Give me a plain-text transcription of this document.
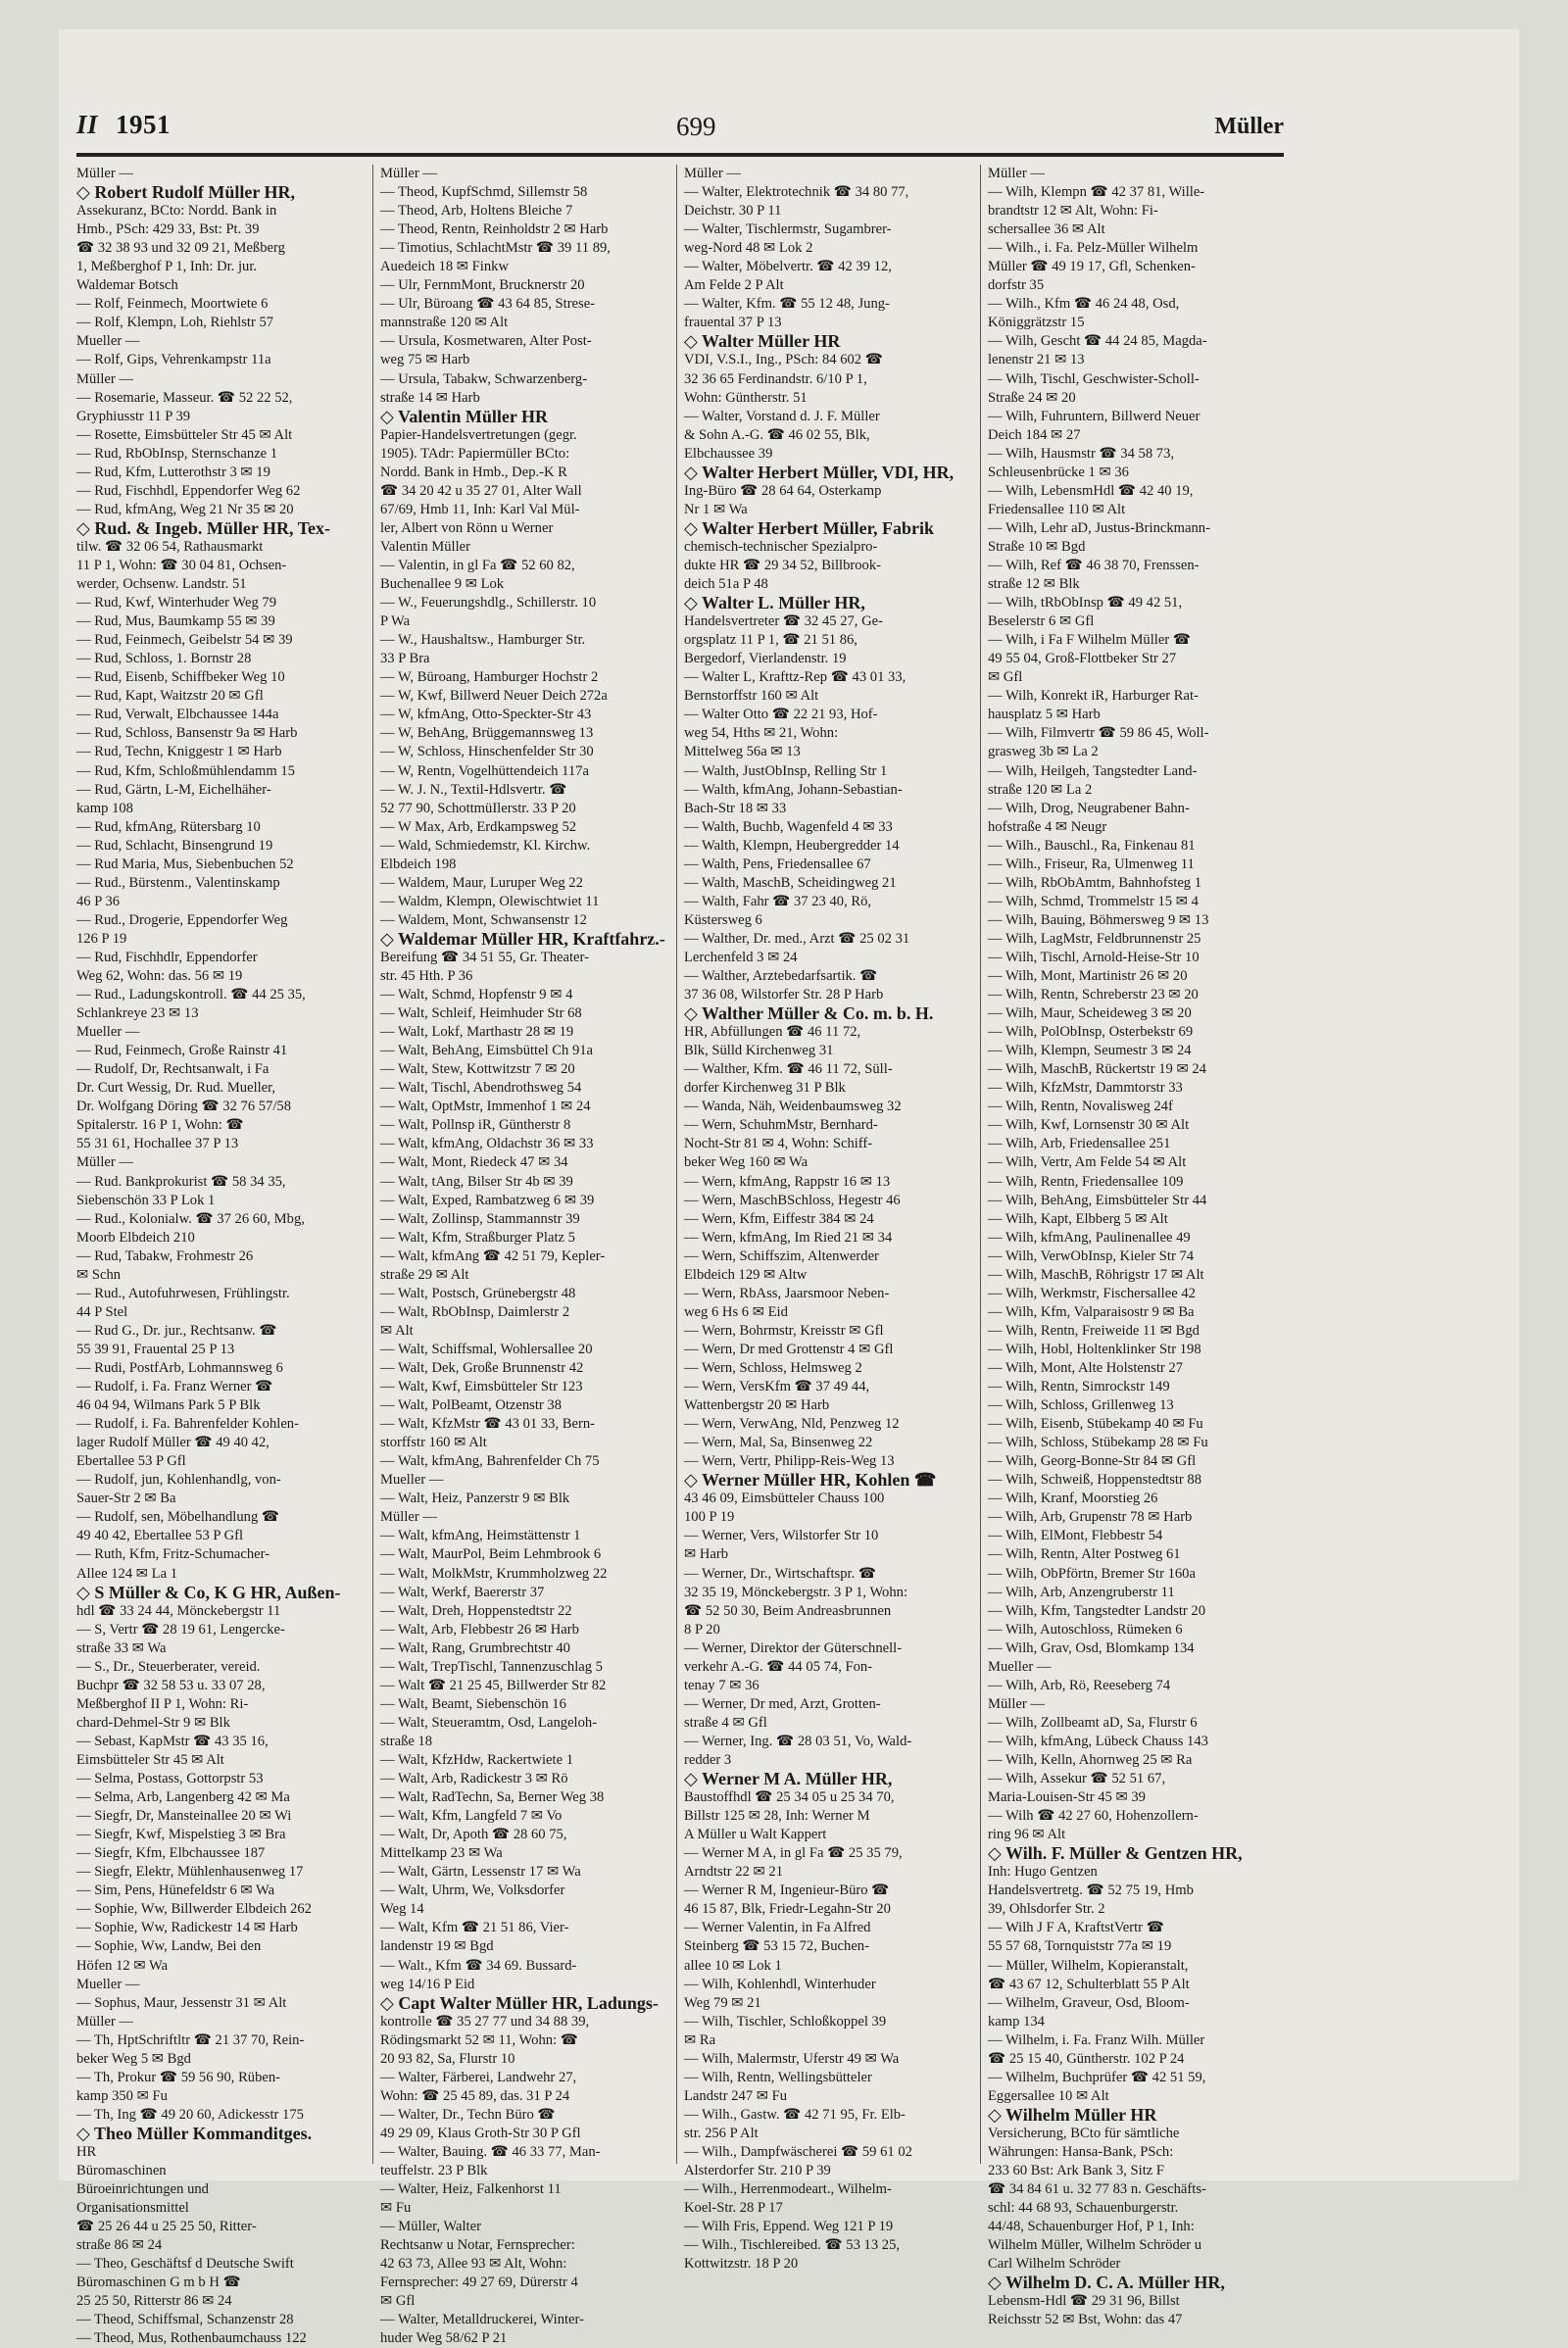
II 1951	699	Müller
Müller —
◇ Robert Rudolf Müller HR,
Assekuranz, BCto: Nordd. Bank in
Hmb., PSch: 429 33, Bst: Pt. 39
☎ 32 38 93 und 32 09 21, Meßberg
1, Meßberghof P 1, Inh: Dr. jur.
Waldemar Botsch
— Rolf, Feinmech, Moortwiete 6
— Rolf, Klempn, Loh, Riehlstr 57
Mueller —
— Rolf, Gips, Vehrenkampstr 11a
Müller —
— Rosemarie, Masseur. ☎ 52 22 52,
Gryphiusstr 11 P 39
— Rosette, Eimsbütteler Str 45 ✉ Alt
— Rud, RbObInsp, Sternschanze 1
— Rud, Kfm, Lutterothstr 3 ✉ 19
— Rud, Fischhdl, Eppendorfer Weg 62
— Rud, kfmAng, Weg 21 Nr 35 ✉ 20
◇ Rud. & Ingeb. Müller HR, Tex-
tilw. ☎ 32 06 54, Rathausmarkt
11 P 1, Wohn: ☎ 30 04 81, Ochsen-
werder, Ochsenw. Landstr. 51
— Rud, Kwf, Winterhuder Weg 79
— Rud, Mus, Baumkamp 55 ✉ 39
— Rud, Feinmech, Geibelstr 54 ✉ 39
— Rud, Schloss, 1. Bornstr 28
— Rud, Eisenb, Schiffbeker Weg 10
— Rud, Kapt, Waitzstr 20 ✉ Gfl
— Rud, Verwalt, Elbchaussee 144a
— Rud, Schloss, Bansenstr 9a ✉ Harb
— Rud, Techn, Kniggestr 1 ✉ Harb
— Rud, Kfm, Schloßmühlendamm 15
— Rud, Gärtn, L-M, Eichelhäher-
kamp 108
— Rud, kfmAng, Rütersbarg 10
— Rud, Schlacht, Binsengrund 19
— Rud Maria, Mus, Siebenbuchen 52
— Rud., Bürstenm., Valentinskamp
46 P 36
— Rud., Drogerie, Eppendorfer Weg
126 P 19
— Rud, Fischhdlr, Eppendorfer
Weg 62, Wohn: das. 56 ✉ 19
— Rud., Ladungskontroll. ☎ 44 25 35,
Schlankreye 23 ✉ 13
Mueller —
— Rud, Feinmech, Große Rainstr 41
— Rudolf, Dr, Rechtsanwalt, i Fa
Dr. Curt Wessig, Dr. Rud. Mueller,
Dr. Wolfgang Döring ☎ 32 76 57/58
Spitalerstr. 16 P 1, Wohn: ☎
55 31 61, Hochallee 37 P 13
Müller —
— Rud. Bankprokurist ☎ 58 34 35,
Siebenschön 33 P Lok 1
— Rud., Kolonialw. ☎ 37 26 60, Mbg,
Moorb Elbdeich 210
— Rud, Tabakw, Frohmestr 26
✉ Schn
— Rud., Autofuhrwesen, Frühlingstr.
44 P Stel
— Rud G., Dr. jur., Rechtsanw. ☎
55 39 91, Frauental 25 P 13
— Rudi, PostfArb, Lohmannsweg 6
— Rudolf, i. Fa. Franz Werner ☎
46 04 94, Wilmans Park 5 P Blk
— Rudolf, i. Fa. Bahrenfelder Kohlen-
lager Rudolf Müller ☎ 49 40 42,
Ebertallee 53 P Gfl
— Rudolf, jun, Kohlenhandlg, von-
Sauer-Str 2 ✉ Ba
— Rudolf, sen, Möbelhandlung ☎
49 40 42, Ebertallee 53 P Gfl
— Ruth, Kfm, Fritz-Schumacher-
Allee 124 ✉ La 1
◇ S Müller & Co, K G HR, Außen-
hdl ☎ 33 24 44, Mönckebergstr 11
— S, Vertr ☎ 28 19 61, Lengercke-
straße 33 ✉ Wa
— S., Dr., Steuerberater, vereid.
Buchpr ☎ 32 58 53 u. 33 07 28,
Meßberghof II P 1, Wohn: Ri-
chard-Dehmel-Str 9 ✉ Blk
— Sebast, KapMstr ☎ 43 35 16,
Eimsbütteler Str 45 ✉ Alt
— Selma, Postass, Gottorpstr 53
— Selma, Arb, Langenberg 42 ✉ Ma
— Siegfr, Dr, Mansteinallee 20 ✉ Wi
— Siegfr, Kwf, Mispelstieg 3 ✉ Bra
— Siegfr, Kfm, Elbchaussee 187
— Siegfr, Elektr, Mühlenhausenweg 17
— Sim, Pens, Hünefeldstr 6 ✉ Wa
— Sophie, Ww, Billwerder Elbdeich 262
— Sophie, Ww, Radickestr 14 ✉ Harb
— Sophie, Ww, Landw, Bei den
Höfen 12 ✉ Wa
Mueller —
— Sophus, Maur, Jessenstr 31 ✉ Alt
Müller —
— Th, HptSchriftltr ☎ 21 37 70, Rein-
beker Weg 5 ✉ Bgd
— Th, Prokur ☎ 59 56 90, Rüben-
kamp 350 ✉ Fu
— Th, Ing ☎ 49 20 60, Adickesstr 175
◇ Theo Müller Kommanditges.
HR
Büromaschinen
Büroeinrichtungen und
Organisationsmittel
☎ 25 26 44 u 25 25 50, Ritter-
straße 86 ✉ 24
— Theo, Geschäftsf d Deutsche Swift
Büromaschinen G m b H ☎
25 25 50, Ritterstr 86 ✉ 24
— Theod, Schiffsmal, Schanzenstr 28
— Theod, Mus, Rothenbaumchauss 122
Müller —
— Theod, KupfSchmd, Sillemstr 58
— Theod, Arb, Holtens Bleiche 7
— Theod, Rentn, Reinholdstr 2 ✉ Harb
— Timotius, SchlachtMstr ☎ 39 11 89,
Auedeich 18 ✉ Finkw
— Ulr, FernmMont, Brucknerstr 20
— Ulr, Büroang ☎ 43 64 85, Strese-
mannstraße 120 ✉ Alt
— Ursula, Kosmetwaren, Alter Post-
weg 75 ✉ Harb
— Ursula, Tabakw, Schwarzenberg-
straße 14 ✉ Harb
◇ Valentin Müller HR
Papier-Handelsvertretungen (gegr.
1905). TAdr: Papiermüller BCto:
Nordd. Bank in Hmb., Dep.-K R
☎ 34 20 42 u 35 27 01, Alter Wall
67/69, Hmb 11, Inh: Karl Val Mül-
ler, Albert von Rönn u Werner
Valentin Müller
— Valentin, in gl Fa ☎ 52 60 82,
Buchenallee 9 ✉ Lok
— W., Feuerungshdlg., Schillerstr. 10
P Wa
— W., Haushaltsw., Hamburger Str.
33 P Bra
— W, Büroang, Hamburger Hochstr 2
— W, Kwf, Billwerd Neuer Deich 272a
— W, kfmAng, Otto-Speckter-Str 43
— W, BehAng, Brüggemannsweg 13
— W, Schloss, Hinschenfelder Str 30
— W, Rentn, Vogelhüttendeich 117a
— W. J. N., Textil-Hdlsvertr. ☎
52 77 90, SchottmüIlerstr. 33 P 20
— W Max, Arb, Erdkampsweg 52
— Wald, Schmiedemstr, Kl. Kirchw.
Elbdeich 198
— Waldem, Maur, Luruper Weg 22
— Waldm, Klempn, Olewischtwiet 11
— Waldem, Mont, Schwansenstr 12
◇ Waldemar Müller HR, Kraftfahrz.-
Bereifung ☎ 34 51 55, Gr. Theater-
str. 45 Hth. P 36
— Walt, Schmd, Hopfenstr 9 ✉ 4
— Walt, Schleif, Heimhuder Str 68
— Walt, Lokf, Marthastr 28 ✉ 19
— Walt, BehAng, Eimsbüttel Ch 91a
— Walt, Stew, Kottwitzstr 7 ✉ 20
— Walt, Tischl, Abendrothsweg 54
— Walt, OptMstr, Immenhof 1 ✉ 24
— Walt, Pollnsp iR, Güntherstr 8
— Walt, kfmAng, Oldachstr 36 ✉ 33
— Walt, Mont, Riedeck 47 ✉ 34
— Walt, tAng, Bilser Str 4b ✉ 39
— Walt, Exped, Rambatzweg 6 ✉ 39
— Walt, Zollinsp, Stammannstr 39
— Walt, Kfm, Straßburger Platz 5
— Walt, kfmAng ☎ 42 51 79, Kepler-
straße 29 ✉ Alt
— Walt, Postsch, Grünebergstr 48
— Walt, RbObInsp, Daimlerstr 2
✉ Alt
— Walt, Schiffsmal, Wohlersallee 20
— Walt, Dek, Große Brunnenstr 42
— Walt, Kwf, Eimsbütteler Str 123
— Walt, PolBeamt, Otzenstr 38
— Walt, KfzMstr ☎ 43 01 33, Bern-
storffstr 160 ✉ Alt
— Walt, kfmAng, Bahrenfelder Ch 75
Mueller —
— Walt, Heiz, Panzerstr 9 ✉ Blk
Müller —
— Walt, kfmAng, Heimstättenstr 1
— Walt, MaurPol, Beim Lehmbrook 6
— Walt, MolkMstr, Krummholzweg 22
— Walt, Werkf, Baererstr 37
— Walt, Dreh, Hoppenstedtstr 22
— Walt, Arb, Flebbestr 26 ✉ Harb
— Walt, Rang, Grumbrechtstr 40
— Walt, TrepTischl, Tannenzuschlag 5
— Walt ☎ 21 25 45, Billwerder Str 82
— Walt, Beamt, Siebenschön 16
— Walt, Steueramtm, Osd, Langeloh-
straße 18
— Walt, KfzHdw, Rackertwiete 1
— Walt, Arb, Radickestr 3 ✉ Rö
— Walt, RadTechn, Sa, Berner Weg 38
— Walt, Kfm, Langfeld 7 ✉ Vo
— Walt, Dr, Apoth ☎ 28 60 75,
Mittelkamp 23 ✉ Wa
— Walt, Gärtn, Lessenstr 17 ✉ Wa
— Walt, Uhrm, We, Volksdorfer
Weg 14
— Walt, Kfm ☎ 21 51 86, Vier-
landenstr 19 ✉ Bgd
— Walt., Kfm ☎ 34 69. Bussard-
weg 14/16 P Eid
◇ Capt Walter Müller HR, Ladungs-
kontrolle ☎ 35 27 77 und 34 88 39,
Rödingsmarkt 52 ✉ 11, Wohn: ☎
20 93 82, Sa, Flurstr 10
— Walter, Färberei, Landwehr 27,
Wohn: ☎ 25 45 89, das. 31 P 24
— Walter, Dr., Techn Büro ☎
49 29 09, Klaus Groth-Str 30 P Gfl
— Walter, Bauing. ☎ 46 33 77, Man-
teuffelstr. 23 P Blk
— Walter, Heiz, Falkenhorst 11
✉ Fu
— Müller, Walter
Rechtsanw u Notar, Fernsprecher:
42 63 73, Allee 93 ✉ Alt, Wohn:
Fernsprecher: 49 27 69, Dürerstr 4
✉ Gfl
— Walter, Metalldruckerei, Winter-
huder Weg 58/62 P 21
Müller —
— Walter, Elektrotechnik ☎ 34 80 77,
Deichstr. 30 P 11
— Walter, Tischlermstr, Sugambrer-
weg-Nord 48 ✉ Lok 2
— Walter, Möbelvertr. ☎ 42 39 12,
Am Felde 2 P Alt
— Walter, Kfm. ☎ 55 12 48, Jung-
frauental 37 P 13
◇ Walter Müller HR
VDI, V.S.I., Ing., PSch: 84 602 ☎
32 36 65 Ferdinandstr. 6/10 P 1,
Wohn: Güntherstr. 51
— Walter, Vorstand d. J. F. Müller
& Sohn A.-G. ☎ 46 02 55, Blk,
Elbchaussee 39
◇ Walter Herbert Müller, VDI, HR,
Ing-Büro ☎ 28 64 64, Osterkamp
Nr 1 ✉ Wa
◇ Walter Herbert Müller, Fabrik
chemisch-technischer Spezialpro-
dukte HR ☎ 29 34 52, Billbrook-
deich 51a P 48
◇ Walter L. Müller HR,
Handelsvertreter ☎ 32 45 27, Ge-
orgsplatz 11 P 1, ☎ 21 51 86,
Bergedorf, Vierlandenstr. 19
— Walter L, Krafttz-Rep ☎ 43 01 33,
Bernstorffstr 160 ✉ Alt
— Walter Otto ☎ 22 21 93, Hof-
weg 54, Hths ✉ 21, Wohn:
Mittelweg 56a ✉ 13
— Walth, JustObInsp, Relling Str 1
— Walth, kfmAng, Johann-Sebastian-
Bach-Str 18 ✉ 33
— Walth, Buchb, Wagenfeld 4 ✉ 33
— Walth, Klempn, Heubergredder 14
— Walth, Pens, Friedensallee 67
— Walth, MaschB, Scheidingweg 21
— Walth, Fahr ☎ 37 23 40, Rö,
Küstersweg 6
— Walther, Dr. med., Arzt ☎ 25 02 31
Lerchenfeld 3 ✉ 24
— Walther, Arztebedarfsartik. ☎
37 36 08, Wilstorfer Str. 28 P Harb
◇ Walther Müller & Co. m. b. H.
HR, Abfüllungen ☎ 46 11 72,
Blk, Sülld Kirchenweg 31
— Walther, Kfm. ☎ 46 11 72, Süll-
dorfer Kirchenweg 31 P Blk
— Wanda, Näh, Weidenbaumsweg 32
— Wern, SchuhmMstr, Bernhard-
Nocht-Str 81 ✉ 4, Wohn: Schiff-
beker Weg 160 ✉ Wa
— Wern, kfmAng, Rappstr 16 ✉ 13
— Wern, MaschBSchloss, Hegestr 46
— Wern, Kfm, Eiffestr 384 ✉ 24
— Wern, kfmAng, Im Ried 21 ✉ 34
— Wern, Schiffszim, Altenwerder
Elbdeich 129 ✉ Altw
— Wern, RbAss, Jaarsmoor Neben-
weg 6 Hs 6 ✉ Eid
— Wern, Bohrmstr, Kreisstr ✉ Gfl
— Wern, Dr med Grottenstr 4 ✉ Gfl
— Wern, Schloss, Helmsweg 2
— Wern, VersKfm ☎ 37 49 44,
Wattenbergstr 20 ✉ Harb
— Wern, VerwAng, Nld, Penzweg 12
— Wern, Mal, Sa, Binsenweg 22
— Wern, Vertr, Philipp-Reis-Weg 13
◇ Werner Müller HR, Kohlen ☎
43 46 09, Eimsbütteler Chauss 100
100 P 19
— Werner, Vers, Wilstorfer Str 10
✉ Harb
— Werner, Dr., Wirtschaftspr. ☎
32 35 19, Mönckebergstr. 3 P 1, Wohn:
☎ 52 50 30, Beim Andreasbrunnen
8 P 20
— Werner, Direktor der Güterschnell-
verkehr A.-G. ☎ 44 05 74, Fon-
tenay 7 ✉ 36
— Werner, Dr med, Arzt, Grotten-
straße 4 ✉ Gfl
— Werner, Ing. ☎ 28 03 51, Vo, Wald-
redder 3
◇ Werner M A. Müller HR,
Baustoffhdl ☎ 25 34 05 u 25 34 70,
Billstr 125 ✉ 28, Inh: Werner M
A Müller u Walt Kappert
— Werner M A, in gl Fa ☎ 25 35 79,
Arndtstr 22 ✉ 21
— Werner R M, Ingenieur-Büro ☎
46 15 87, Blk, Friedr-Legahn-Str 20
— Werner Valentin, in Fa Alfred
Steinberg ☎ 53 15 72, Buchen-
allee 10 ✉ Lok 1
— Wilh, Kohlenhdl, Winterhuder
Weg 79 ✉ 21
— Wilh, Tischler, Schloßkoppel 39
✉ Ra
— Wilh, Malermstr, Uferstr 49 ✉ Wa
— Wilh, Rentn, Wellingsbütteler
Landstr 247 ✉ Fu
— Wilh., Gastw. ☎ 42 71 95, Fr. Elb-
str. 256 P Alt
— Wilh., Dampfwäscherei ☎ 59 61 02
Alsterdorfer Str. 210 P 39
— Wilh., Herrenmodeart., Wilhelm-
Koel-Str. 28 P 17
— Wilh Fris, Eppend. Weg 121 P 19
— Wilh., Tischlereibed. ☎ 53 13 25,
Kottwitzstr. 18 P 20
Müller —
— Wilh, Klempn ☎ 42 37 81, Wille-
brandtstr 12 ✉ Alt, Wohn: Fi-
schersallee 36 ✉ Alt
— Wilh., i. Fa. Pelz-Müller Wilhelm
Müller ☎ 49 19 17, Gfl, Schenken-
dorfstr 35
— Wilh., Kfm ☎ 46 24 48, Osd,
Königgrätzstr 15
— Wilh, Gescht ☎ 44 24 85, Magda-
lenenstr 21 ✉ 13
— Wilh, Tischl, Geschwister-Scholl-
Straße 24 ✉ 20
— Wilh, Fuhruntern, Billwerd Neuer
Deich 184 ✉ 27
— Wilh, Hausmstr ☎ 34 58 73,
Schleusenbrücke 1 ✉ 36
— Wilh, LebensmHdl ☎ 42 40 19,
Friedensallee 110 ✉ Alt
— Wilh, Lehr aD, Justus-Brinckmann-
Straße 10 ✉ Bgd
— Wilh, Ref ☎ 46 38 70, Frenssen-
straße 12 ✉ Blk
— Wilh, tRbObInsp ☎ 49 42 51,
Beselerstr 6 ✉ Gfl
— Wilh, i Fa F Wilhelm Müller ☎
49 55 04, Groß-Flottbeker Str 27
✉ Gfl
— Wilh, Konrekt iR, Harburger Rat-
hausplatz 5 ✉ Harb
— Wilh, Filmvertr ☎ 59 86 45, Woll-
grasweg 3b ✉ La 2
— Wilh, Heilgeh, Tangstedter Land-
straße 120 ✉ La 2
— Wilh, Drog, Neugrabener Bahn-
hofstraße 4 ✉ Neugr
— Wilh., Bauschl., Ra, Finkenau 81
— Wilh., Friseur, Ra, Ulmenweg 11
— Wilh, RbObAmtm, Bahnhofsteg 1
— Wilh, Schmd, Trommelstr 15 ✉ 4
— Wilh, Bauing, Böhmersweg 9 ✉ 13
— Wilh, LagMstr, Feldbrunnenstr 25
— Wilh, Tischl, Arnold-Heise-Str 10
— Wilh, Mont, Martinistr 26 ✉ 20
— Wilh, Rentn, Schreberstr 23 ✉ 20
— Wilh, Maur, Scheideweg 3 ✉ 20
— Wilh, PolObInsp, Osterbekstr 69
— Wilh, Klempn, Seumestr 3 ✉ 24
— Wilh, MaschB, Rückertstr 19 ✉ 24
— Wilh, KfzMstr, Dammtorstr 33
— Wilh, Rentn, Novalisweg 24f
— Wilh, Kwf, Lornsenstr 30 ✉ Alt
— Wilh, Arb, Friedensallee 251
— Wilh, Vertr, Am Felde 54 ✉ Alt
— Wilh, Rentn, Friedensallee 109
— Wilh, BehAng, Eimsbütteler Str 44
— Wilh, Kapt, Elbberg 5 ✉ Alt
— Wilh, kfmAng, Paulinenallee 49
— Wilh, VerwObInsp, Kieler Str 74
— Wilh, MaschB, Röhrigstr 17 ✉ Alt
— Wilh, Werkmstr, Fischersallee 42
— Wilh, Kfm, Valparaisostr 9 ✉ Ba
— Wilh, Rentn, Freiweide 11 ✉ Bgd
— Wilh, Hobl, Holtenklinker Str 198
— Wilh, Mont, Alte Holstenstr 27
— Wilh, Rentn, Simrockstr 149
— Wilh, Schloss, Grillenweg 13
— Wilh, Eisenb, Stübekamp 40 ✉ Fu
— Wilh, Schloss, Stübekamp 28 ✉ Fu
— Wilh, Georg-Bonne-Str 84 ✉ Gfl
— Wilh, Schweiß, Hoppenstedtstr 88
— Wilh, Kranf, Moorstieg 26
— Wilh, Arb, Grupenstr 78 ✉ Harb
— Wilh, ElMont, Flebbestr 54
— Wilh, Rentn, Alter Postweg 61
— Wilh, ObPförtn, Bremer Str 160a
— Wilh, Arb, Anzengruberstr 11
— Wilh, Kfm, Tangstedter Landstr 20
— Wilh, Autoschloss, Rümeken 6
— Wilh, Grav, Osd, Blomkamp 134
Mueller —
— Wilh, Arb, Rö, Reeseberg 74
Müller —
— Wilh, Zollbeamt aD, Sa, Flurstr 6
— Wilh, kfmAng, Lübeck Chauss 143
— Wilh, Kelln, Ahornweg 25 ✉ Ra
— Wilh, Assekur ☎ 52 51 67,
Maria-Louisen-Str 45 ✉ 39
— Wilh ☎ 42 27 60, Hohenzollern-
ring 96 ✉ Alt
◇ Wilh. F. Müller & Gentzen HR,
Inh: Hugo Gentzen
Handelsvertretg. ☎ 52 75 19, Hmb
39, Ohlsdorfer Str. 2
— Wilh J F A, KraftstVertr ☎
55 57 68, Tornquiststr 77a ✉ 19
— Müller, Wilhelm, Kopieranstalt,
☎ 43 67 12, Schulterblatt 55 P Alt
— Wilhelm, Graveur, Osd, Bloom-
kamp 134
— Wilhelm, i. Fa. Franz Wilh. Müller
☎ 25 15 40, Güntherstr. 102 P 24
— Wilhelm, Buchprüfer ☎ 42 51 59,
Eggersallee 10 ✉ Alt
◇ Wilhelm Müller HR
Versicherung, BCto für sämtliche
Währungen: Hansa-Bank, PSch:
233 60 Bst: Ark Bank 3, Sitz F
☎ 34 84 61 u. 32 77 83 n. Geschäfts-
schl: 44 68 93, Schauenburgerstr.
44/48, Schauenburger Hof, P 1, Inh:
Wilhelm Müller, Wilhelm Schröder u
Carl Wilhelm Schröder
◇ Wilhelm D. C. A. Müller HR,
Lebensm-Hdl ☎ 29 31 96, Billst
Reichsstr 52 ✉ Bst, Wohn: das 47
